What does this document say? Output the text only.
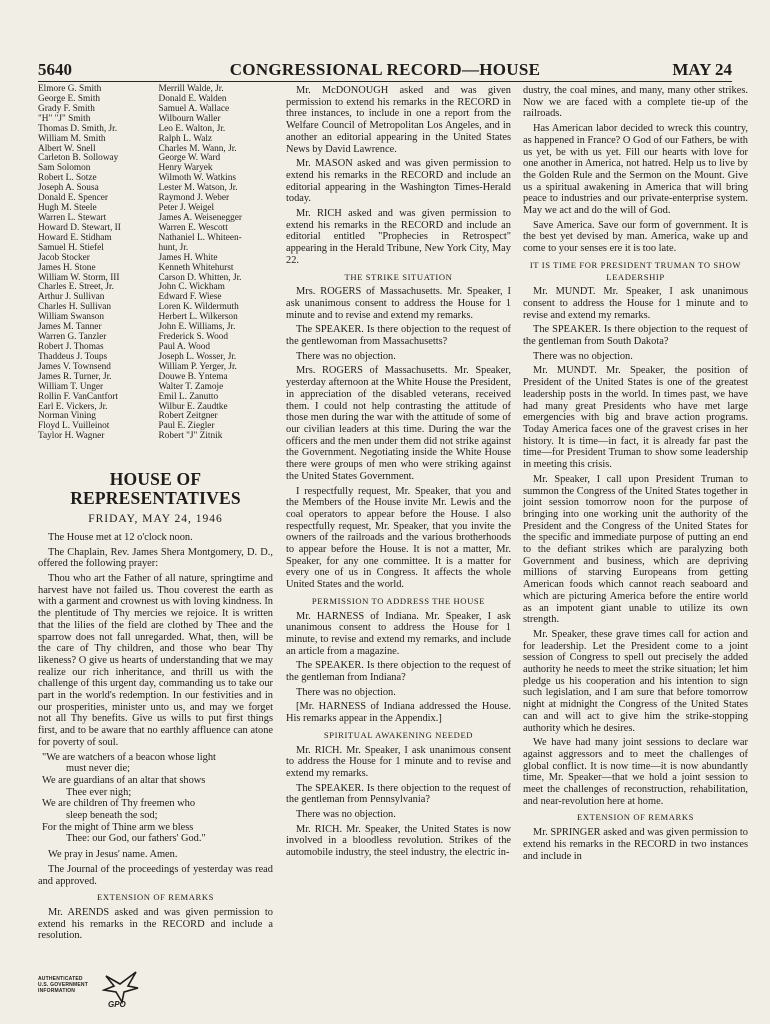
5640	CONGRESSIONAL RECORD—HOUSE	MAY 24
Elmore G. Smith
George E. Smith
Grady F. Smith
"H" "J" Smith
Thomas D. Smith, Jr.
William M. Smith
Albert W. Snell
Carleton B. Solloway
Sam Solomon
Robert L. Sotze
Joseph A. Sousa
Donald E. Spencer
Hugh M. Steele
Warren L. Stewart
Howard D. Stewart, II
Howard E. Stidham
Samuel H. Stiefel
Jacob Stocker
James H. Stone
William W. Storm, III
Charles E. Street, Jr.
Arthur J. Sullivan
Charles H. Sullivan
William Swanson
James M. Tanner
Warren G. Tanzler
Robert J. Thomas
Thaddeus J. Toups
James V. Townsend
James R. Turner, Jr.
William T. Unger
Rollin F. VanCantfort
Earl E. Vickers, Jr.
Norman Vining
Floyd L. Vuilleinot
Taylor H. Wagner
Merrill Walde, Jr.
Donald E. Walden
Samuel A. Wallace
Wilbourn Waller
Leo E. Walton, Jr.
Ralph L. Walz
Charles M. Wann, Jr.
George W. Ward
Henry Waryek
Wilmoth W. Watkins
Lester M. Watson, Jr.
Raymond J. Weber
Peter J. Weigel
James A. Weisenegger
Warren E. Wescott
Nathaniel L. Whiteen-
hunt, Jr.
James H. White
Kenneth Whitehurst
Carson D. Whitten, Jr.
John C. Wickham
Edward F. Wiese
Loren K. Wildermuth
Herbert L. Wilkerson
John E. Williams, Jr.
Frederick S. Wood
Paul A. Wood
Joseph L. Wosser, Jr.
William P. Yerger, Jr.
Douwe B. Yntema
Walter T. Zamoje
Emil L. Zanutto
Wilbur E. Zaudtke
Robert Zeitgner
Paul E. Ziegler
Robert "J" Zitnik
HOUSE OF REPRESENTATIVES
FRIDAY, MAY 24, 1946

The House met at 12 o'clock noon.

The Chaplain, Rev. James Shera Montgomery, D. D., offered the following prayer:

Thou who art the Father of all nature, springtime and harvest have not failed us. Thou coverest the earth as with a garment and crownest us with loving kindness. In the plentitude of Thy mercies we rejoice. It is written that the lilies of the field are clothed by Thee and the sparrow does not fall unregarded. What, then, will be the care of Thy children, and those who bear Thy likeness? O give us hearts of understanding that we may realize our rich inheritance, and thrill us with the challenge of this urgent day, commanding us to take our part in the world's redemption. In our festivities and in our prosperities, minister unto us, and may we forget not all Thy benefits. Give us wills to put first things first, and to be aware that no earthly affluence can atone for poverty of soul.

"We are watchers of a beacon whose light
must never die;
We are guardians of an altar that shows
Thee ever nigh;
We are children of Thy freemen who
sleep beneath the sod;
For the might of Thine arm we bless
Thee: our God, our fathers' God."

We pray in Jesus' name. Amen.

The Journal of the proceedings of yesterday was read and approved.

EXTENSION OF REMARKS

Mr. ARENDS asked and was given permission to extend his remarks in the RECORD and include a resolution.

Mr. McDONOUGH asked and was given permission to extend his remarks in the RECORD in three instances, to include in one a report from the Welfare Council of Metropolitan Los Angeles, and in another an editorial appearing in the United States News by David Lawrence.

Mr. MASON asked and was given permission to extend his remarks in the RECORD and include an editorial appearing in the Washington Times-Herald today.

Mr. RICH asked and was given permission to extend his remarks in the RECORD and include an editorial entitled "Prophecies in Retrospect" appearing in the Herald Tribune, New York City, May 22.

THE STRIKE SITUATION

Mrs. ROGERS of Massachusetts. Mr. Speaker, I ask unanimous consent to address the House for 1 minute and to revise and extend my remarks.

The SPEAKER. Is there objection to the request of the gentlewoman from Massachusetts?

There was no objection.

Mrs. ROGERS of Massachusetts. Mr. Speaker, yesterday afternoon at the White House the President, in appreciation of the disabled veterans, received them. I could not help contrasting the attitude of those men during the war with the attitude of some of our civilian leaders at this time. During the war the officers and the men under them did not strike against the Government. Negotiating inside the White House there were groups of men who were striking against the United States Government.

I respectfully request, Mr. Speaker, that you and the Members of the House invite Mr. Lewis and the coal operators to appear before the House. I also respectfully request, Mr. Speaker, that you invite the owners of the railroads and the various brotherhoods to appear before the House. It is not a matter, Mr. Speaker, for any one committee. It is a matter for every one of us in Congress. It affects the whole United States and the world.

PERMISSION TO ADDRESS THE HOUSE

Mr. HARNESS of Indiana. Mr. Speaker, I ask unanimous consent to address the House for 1 minute, to revise and extend my remarks, and include an article from a magazine.

The SPEAKER. Is there objection to the request of the gentleman from Indiana?

There was no objection.

[Mr. HARNESS of Indiana addressed the House. His remarks appear in the Appendix.]

SPIRITUAL AWAKENING NEEDED

Mr. RICH. Mr. Speaker, I ask unanimous consent to address the House for 1 minute and to revise and extend my remarks.

The SPEAKER. Is there objection to the request of the gentleman from Pennsylvania?

There was no objection.

Mr. RICH. Mr. Speaker, the United States is now involved in a bloodless revolution. Strikes of the automobile industry, the steel industry, the electric in-

dustry, the coal mines, and many, many other strikes. Now we are faced with a complete tie-up of the railroads.

Has American labor decided to wreck this country, as happened in France? O God of our Fathers, be with us yet, be with us yet. Fill our hearts with love for one another in America, not hatred. Help us to live by the Golden Rule and the Sermon on the Mount. Give us a spiritual awakening in America that will bring peace to industries and our private-enterprise system. May we act and do the will of God.

Save America. Save our form of government. It is the best yet devised by man. America, wake up and come to your senses ere it is too late.

IT IS TIME FOR PRESIDENT TRUMAN TO SHOW LEADERSHIP

Mr. MUNDT. Mr. Speaker, I ask unanimous consent to address the House for 1 minute and to revise and extend my remarks.

The SPEAKER. Is there objection to the request of the gentleman from South Dakota?

There was no objection.

Mr. MUNDT. Mr. Speaker, the position of President of the United States is one of the greatest leadership posts in the world. In times past, we have had many great Presidents who have met large emergencies with big and brave action programs. Today America faces one of the gravest crises in her history. It is time—in fact, it is already far past the time—for President Truman to show some leadership in meeting this crisis.

Mr. Speaker, I call upon President Truman to summon the Congress of the United States together in joint session tomorrow noon for the purpose of bringing into one working unit the authority of the President and the Congress of the United States for the specific and immediate purpose of putting an end to the defiant strikes which are paralyzing both Government and business, which are depriving millions of starving Europeans from getting American foods which cannot reach seaboard and which are picturing America before the entire world as an impotent giant unable to utilize its own strength.

Mr. Speaker, these grave times call for action and for leadership. Let the President come to a joint session of Congress to spell out precisely the added authority he needs to meet the strike situation; let him pledge us his cooperation and his intention to sign such legislation, and I am sure that before tomorrow night at midnight the Congress of the United States can and will act to give him the strike-stopping authority which he desires.

We have had many joint sessions to declare war against aggressors and to meet the challenges of global conflict. It is now time—it is now abundantly time, Mr. Speaker—that we hold a joint session to meet the challenges of reconstruction, rehabilitation, and near-revolution here at home.

EXTENSION OF REMARKS

Mr. SPRINGER asked and was given permission to extend his remarks in the RECORD in two instances and include in

AUTHENTICATED
U.S. GOVERNMENT
INFORMATION
GPO
